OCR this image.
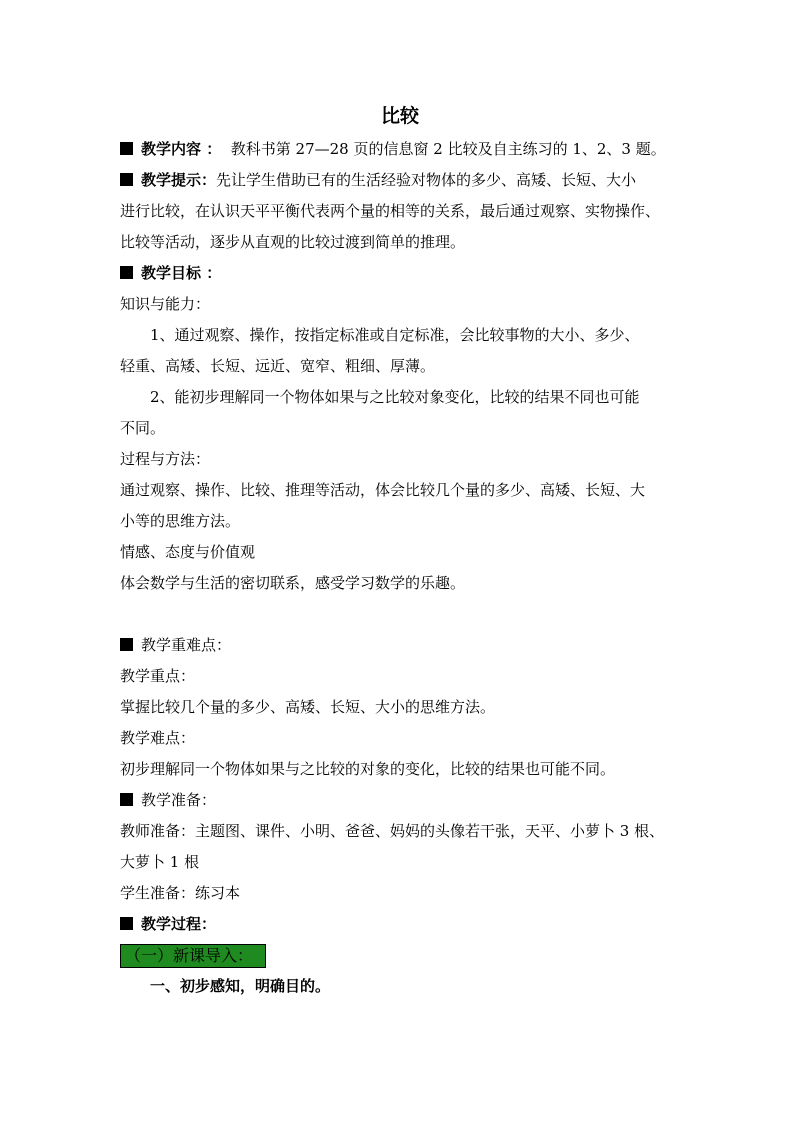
比较
教学内容 ： 教科书第 27—28 页的信息窗 2 比较及自主练习的 1、2、3 题。
教学提示：先让学生借助已有的生活经验对物体的多少、高矮、长短、大小
进行比较，在认识天平平衡代表两个量的相等的关系，最后通过观察、实物操作、
比较等活动，逐步从直观的比较过渡到简单的推理。
教学目标 ：
知识与能力：
1、通过观察、操作，按指定标准或自定标准，会比较事物的大小、多少、
轻重、高矮、长短、远近、宽窄、粗细、厚薄。
2、能初步理解同一个物体如果与之比较对象变化，比较的结果不同也可能
不同。
过程与方法：
通过观察、操作、比较、推理等活动，体会比较几个量的多少、高矮、长短、大
小等的思维方法。
情感、态度与价值观
体会数学与生活的密切联系，感受学习数学的乐趣。
教学重难点：
教学重点：
掌握比较几个量的多少、高矮、长短、大小的思维方法。
教学难点：
初步理解同一个物体如果与之比较的对象的变化，比较的结果也可能不同。
教学准备：
教师准备：主题图、课件、小明、爸爸、妈妈的头像若干张，天平、小萝卜 3 根、
大萝卜 1 根
学生准备：练习本
教学过程：
（一）新课导入：
一、初步感知，明确目的。
